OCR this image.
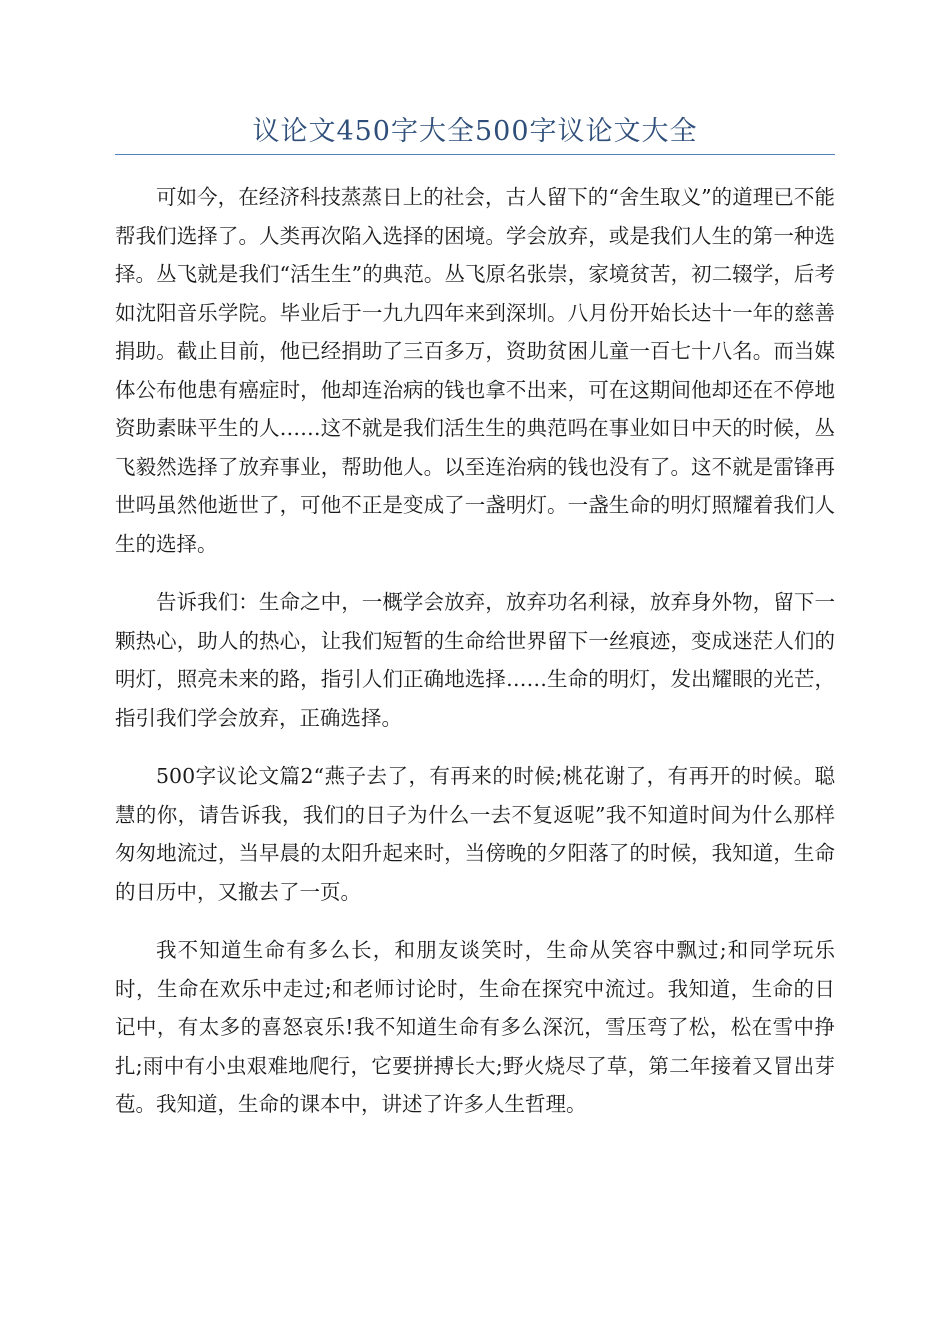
议论文450字大全500字议论文大全

可如今，在经济科技蒸蒸日上的社会，古人留下的“舍生取义”的道理已不能帮我们选择了。人类再次陷入选择的困境。学会放弃，或是我们人生的第一种选择。丛飞就是我们“活生生”的典范。丛飞原名张崇，家境贫苦，初二辍学，后考如沈阳音乐学院。毕业后于一九九四年来到深圳。八月份开始长达十一年的慈善捐助。截止目前，他已经捐助了三百多万，资助贫困儿童一百七十八名。而当媒体公布他患有癌症时，他却连治病的钱也拿不出来，可在这期间他却还在不停地资助素昧平生的人……这不就是我们活生生的典范吗在事业如日中天的时候，丛飞毅然选择了放弃事业，帮助他人。以至连治病的钱也没有了。这不就是雷锋再世吗虽然他逝世了，可他不正是变成了一盏明灯。一盏生命的明灯照耀着我们人生的选择。

告诉我们：生命之中，一概学会放弃，放弃功名利禄，放弃身外物，留下一颗热心，助人的热心，让我们短暂的生命给世界留下一丝痕迹，变成迷茫人们的明灯，照亮未来的路，指引人们正确地选择……生命的明灯，发出耀眼的光芒，指引我们学会放弃，正确选择。

500字议论文篇2“燕子去了，有再来的时候;桃花谢了，有再开的时候。聪慧的你，请告诉我，我们的日子为什么一去不复返呢”我不知道时间为什么那样匆匆地流过，当早晨的太阳升起来时，当傍晚的夕阳落了的时候，我知道，生命的日历中，又撤去了一页。

我不知道生命有多么长，和朋友谈笑时，生命从笑容中飘过;和同学玩乐时，生命在欢乐中走过;和老师讨论时，生命在探究中流过。我知道，生命的日记中，有太多的喜怒哀乐!我不知道生命有多么深沉，雪压弯了松，松在雪中挣扎;雨中有小虫艰难地爬行，它要拼搏长大;野火烧尽了草，第二年接着又冒出芽苞。我知道，生命的课本中，讲述了许多人生哲理。
